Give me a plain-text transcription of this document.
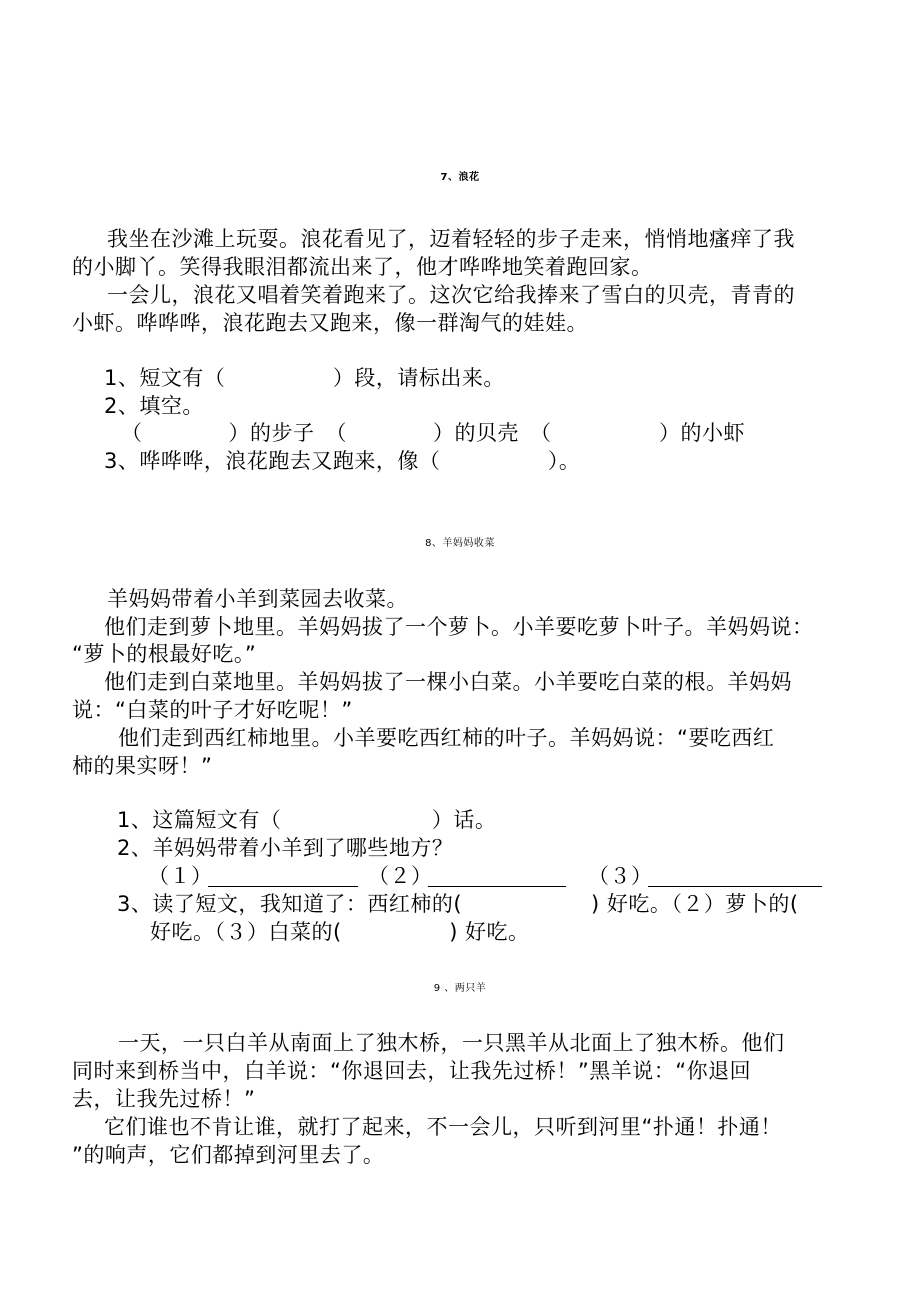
7、浪花
我坐在沙滩上玩耍。浪花看见了，迈着轻轻的步子走来，悄悄地瘙痒了我
的小脚丫。笑得我眼泪都流出来了，他才哗哗地笑着跑回家。
一会儿，浪花又唱着笑着跑来了。这次它给我捧来了雪白的贝壳，青青的
小虾。哗哗哗，浪花跑去又跑来，像一群淘气的娃娃。
1、短文有（　　　　　）段，请标出来。
2、填空。
（　　　　）的步子　（　　　　）的贝壳　（　　　　　）的小虾
3、哗哗哗，浪花跑去又跑来，像（　　　　　）。
8、羊妈妈收菜
羊妈妈带着小羊到菜园去收菜。
他们走到萝卜地里。羊妈妈拔了一个萝卜。小羊要吃萝卜叶子。羊妈妈说：
“萝卜的根最好吃。”
他们走到白菜地里。羊妈妈拔了一棵小白菜。小羊要吃白菜的根。羊妈妈
说：“白菜的叶子才好吃呢！”
他们走到西红柿地里。小羊要吃西红柿的叶子。羊妈妈说：“要吃西红
柿的果实呀！”
1、这篇短文有（　　　　　　　）话。
2、羊妈妈带着小羊到了哪些地方？
（１）	（２）	（３）
3、读了短文，我知道了：西红柿的(　　　　　　) 好吃。（２）萝卜的(
好吃。（３）白菜的(　　　　　) 好吃。
9 、两只羊
一天，一只白羊从南面上了独木桥，一只黑羊从北面上了独木桥。他们
同时来到桥当中，白羊说：“你退回去，让我先过桥！”黑羊说：“你退回
去，让我先过桥！”
它们谁也不肯让谁，就打了起来，不一会儿，只听到河里“扑通！扑通！
”的响声，它们都掉到河里去了。
